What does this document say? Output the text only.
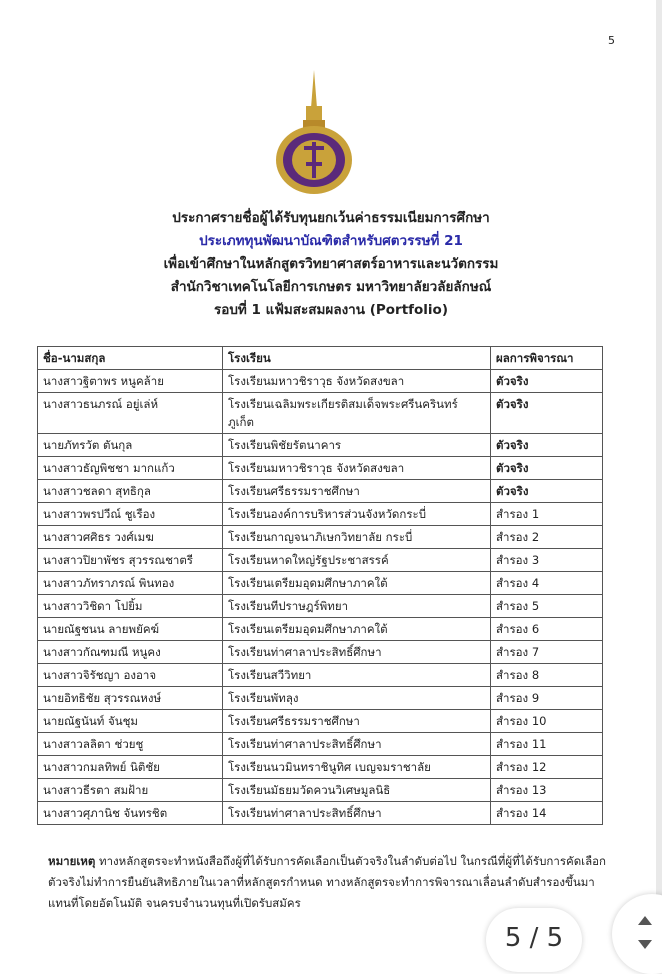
5
ประกาศรายชื่อผู้ได้รับทุนยกเว้นค่าธรรมเนียมการศึกษา
ประเภททุนพัฒนาบัณฑิตสำหรับศตวรรษที่ 21
เพื่อเข้าศึกษาในหลักสูตรวิทยาศาสตร์อาหารและนวัตกรรม
สำนักวิชาเทคโนโลยีการเกษตร มหาวิทยาลัยวลัยลักษณ์
รอบที่ 1 แฟ้มสะสมผลงาน (Portfolio)
ชื่อ-นามสกุล	โรงเรียน	ผลการพิจารณา
นางสาวฐิตาพร หนูคล้าย	โรงเรียนมหาวชิราวุธ จังหวัดสงขลา	ตัวจริง
นางสาวธนภรณ์ อยู่เล่ห์	โรงเรียนเฉลิมพระเกียรติสมเด็จพระศรีนครินทร์ ภูเก็ต	ตัวจริง
นายภัทรวัต ตันกุล	โรงเรียนพิชัยรัตนาคาร	ตัวจริง
นางสาวธัญพิชชา มากแก้ว	โรงเรียนมหาวชิราวุธ จังหวัดสงขลา	ตัวจริง
นางสาวชลดา สุทธิกุล	โรงเรียนศรีธรรมราชศึกษา	ตัวจริง
นางสาวพรปวีณ์ ชูเรือง	โรงเรียนองค์การบริหารส่วนจังหวัดกระบี่	สำรอง 1
นางสาวศศิธร วงศ์เมฆ	โรงเรียนกาญจนาภิเษกวิทยาลัย กระบี่	สำรอง 2
นางสาวปิยาพัชร สุวรรณชาตรี	โรงเรียนหาดใหญ่รัฐประชาสรรค์	สำรอง 3
นางสาวภัทราภรณ์ พินทอง	โรงเรียนเตรียมอุดมศึกษาภาคใต้	สำรอง 4
นางสาววิชิดา โปยิ้ม	โรงเรียนทีปราษฎร์พิทยา	สำรอง 5
นายณัฐชนน ลายพยัคฆ์	โรงเรียนเตรียมอุดมศึกษาภาคใต้	สำรอง 6
นางสาวกัณฑมณี หนูคง	โรงเรียนท่าศาลาประสิทธิ์ศึกษา	สำรอง 7
นางสาวจิรัชญา องอาจ	โรงเรียนสวีวิทยา	สำรอง 8
นายอิทธิชัย สุวรรณหงษ์	โรงเรียนพัทลุง	สำรอง 9
นายณัฐนันท์ จันชุม	โรงเรียนศรีธรรมราชศึกษา	สำรอง 10
นางสาวลลิตา ช่วยชู	โรงเรียนท่าศาลาประสิทธิ์ศึกษา	สำรอง 11
นางสาวกมลทิพย์ นิติชัย	โรงเรียนนวมินทราชินูทิศ เบญจมราชาลัย	สำรอง 12
นางสาวธีรตา สมฝ้าย	โรงเรียนมัธยมวัดควนวิเศษมูลนิธิ	สำรอง 13
นางสาวศุภานิช จันทรชิต	โรงเรียนท่าศาลาประสิทธิ์ศึกษา	สำรอง 14
หมายเหตุ ทางหลักสูตรจะทำหนังสือถึงผู้ที่ได้รับการคัดเลือกเป็นตัวจริงในลำดับต่อไป ในกรณีที่ผู้ที่ได้รับการคัดเลือกตัวจริงไม่ทำการยืนยันสิทธิภายในเวลาที่หลักสูตรกำหนด ทางหลักสูตรจะทำการพิจารณาเลื่อนลำดับสำรองขึ้นมาแทนที่โดยอัตโนมัติ จนครบจำนวนทุนที่เปิดรับสมัคร
5 / 5
